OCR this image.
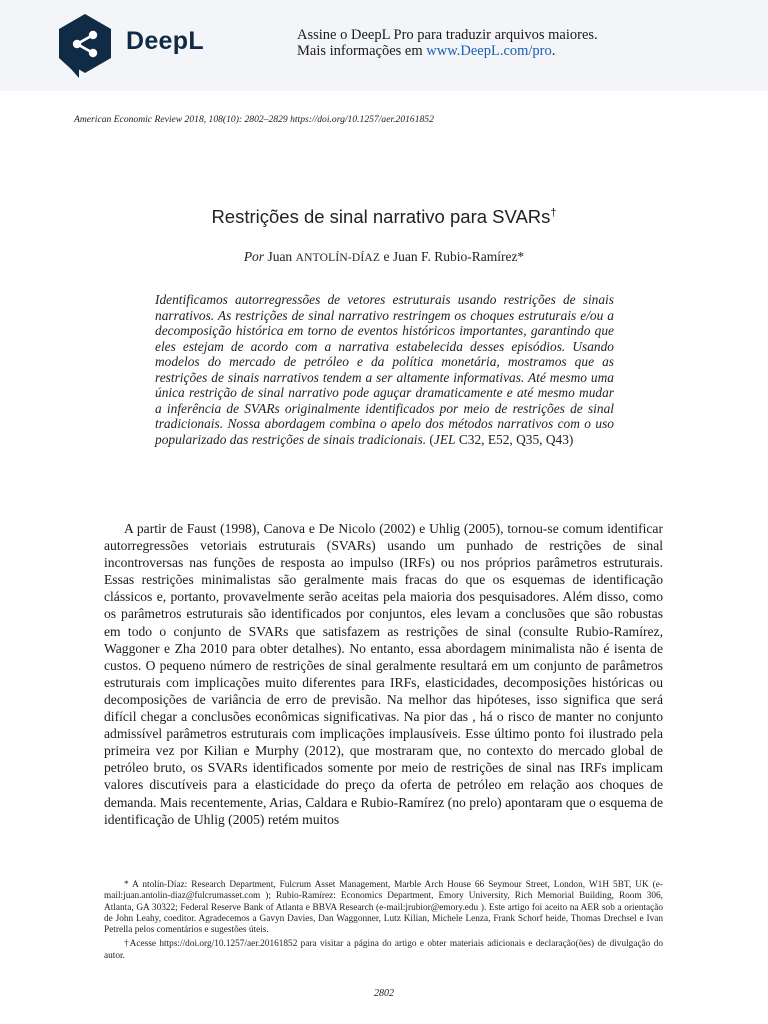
DeepL	Assine o DeepL Pro para traduzir arquivos maiores.
Mais informações em www.DeepL.com/pro.
American Economic Review 2018, 108(10): 2802–2829 https://doi.org/10.1257/aer.20161852
Restrições de sinal narrativo para SVARs†
Por Juan ANTOLÍN-DÍAZ e Juan F. Rubio-Ramírez*

Identificamos autorregressões de vetores estruturais usando restrições de sinais narrativos. As restrições de sinal narrativo restringem os choques estruturais e/ou a decomposição histórica em torno de eventos históricos importantes, garantindo que eles estejam de acordo com a narrativa estabelecida desses episódios. Usando modelos do mercado de petróleo e da política monetária, mostramos que as restrições de sinais narrativos tendem a ser altamente informativas. Até mesmo uma única restrição de sinal narrativo pode aguçar dramaticamente e até mesmo mudar a inferência de SVARs originalmente identificados por meio de restrições de sinal tradicionais. Nossa abordagem combina o apelo dos métodos narrativos com o uso popularizado das restrições de sinais tradicionais. (JEL C32, E52, Q35, Q43)

A partir de Faust (1998), Canova e De Nicolo (2002) e Uhlig (2005), tornou-se comum identificar autorregressões vetoriais estruturais (SVARs) usando um punhado de restrições de sinal incontroversas nas funções de resposta ao impulso (IRFs) ou nos próprios parâmetros estruturais. Essas restrições minimalistas são geralmente mais fracas do que os esquemas de identificação clássicos e, portanto, provavelmente serão aceitas pela maioria dos pesquisadores. Além disso, como os parâmetros estruturais são identificados por conjuntos, eles levam a conclusões que são robustas em todo o conjunto de SVARs que satisfazem as restrições de sinal (consulte Rubio-Ramírez, Waggoner e Zha 2010 para obter detalhes). No entanto, essa abordagem minimalista não é isenta de custos. O pequeno número de restrições de sinal geralmente resultará em um conjunto de parâmetros estruturais com implicações muito diferentes para IRFs, elasticidades, decomposições históricas ou decomposições de variância de erro de previsão. Na melhor das hipóteses, isso significa que será difícil chegar a conclusões econômicas significativas. Na pior das , há o risco de manter no conjunto admissível parâmetros estruturais com implicações implausíveis. Esse último ponto foi ilustrado pela primeira vez por Kilian e Murphy (2012), que mostraram que, no contexto do mercado global de petróleo bruto, os SVARs identificados somente por meio de restrições de sinal nas IRFs implicam valores discutíveis para a elasticidade do preço da oferta de petróleo em relação aos choques de demanda. Mais recentemente, Arias, Caldara e Rubio-Ramírez (no prelo) apontaram que o esquema de identificação de Uhlig (2005) retém muitos

* A ntolín-Díaz: Research Department, Fulcrum Asset Management, Marble Arch House 66 Seymour Street, London, W1H 5BT, UK (e-mail:juan.antolin-diaz@fulcrumasset.com ); Rubio-Ramírez: Economics Department, Emory University, Rich Memorial Building, Room 306, Atlanta, GA 30322; Federal Reserve Bank of Atlanta e BBVA Research (e-mail:jrubior@emory.edu ). Este artigo foi aceito na AER sob a orientação de John Leahy, coeditor. Agradecemos a Gavyn Davies, Dan Waggonner, Lutz Kilian, Michele Lenza, Frank Schorf heide, Thomas Drechsel e Ivan Petrella pelos comentários e sugestões úteis.

†Acesse https://doi.org/10.1257/aer.20161852 para visitar a página do artigo e obter materiais adicionais e declaração(ões) de divulgação do autor.

2802
